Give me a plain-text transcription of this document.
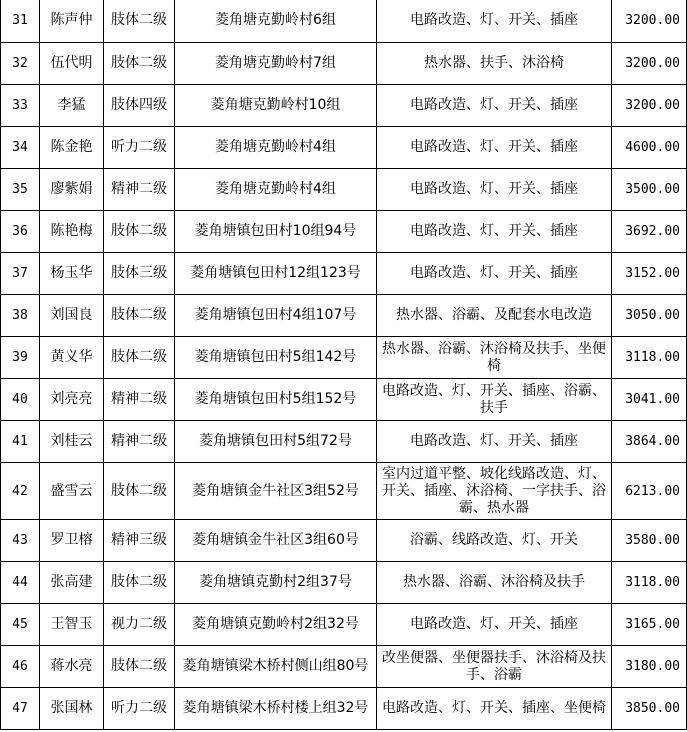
31	陈声仲	肢体二级	菱角塘克勤岭村6组	电路改造、灯、开关、插座	3200.00
32	伍代明	肢体二级	菱角塘克勤岭村7组	热水器、扶手、沐浴椅	3200.00
33	李猛	肢体四级	菱角塘克勤岭村10组	电路改造、灯、开关、插座	3200.00
34	陈金艳	听力二级	菱角塘克勤岭村4组	电路改造、灯、开关、插座	4600.00
35	廖紫娟	精神二级	菱角塘克勤岭村4组	电路改造、灯、开关、插座	3500.00
36	陈艳梅	肢体二级	菱角塘镇包田村10组94号	电路改造、灯、开关、插座	3692.00
37	杨玉华	肢体三级	菱角塘镇包田村12组123号	电路改造、灯、开关、插座	3152.00
38	刘国良	肢体二级	菱角塘镇包田村4组107号	热水器、浴霸、及配套水电改造	3050.00
39	黄义华	肢体二级	菱角塘镇包田村5组142号	热水器、浴霸、沐浴椅及扶手、坐便椅	3118.00
40	刘亮亮	精神二级	菱角塘镇包田村5组152号	电路改造、灯、开关、插座、浴霸、扶手	3041.00
41	刘桂云	精神二级	菱角塘镇包田村5组72号	电路改造、灯、开关、插座	3864.00
42	盛雪云	肢体二级	菱角塘镇金牛社区3组52号	室内过道平整、坡化线路改造、灯、开关、插座、沐浴椅、一字扶手、浴霸、热水器	6213.00
43	罗卫榕	精神三级	菱角塘镇金牛社区3组60号	浴霸、线路改造、灯、开关	3580.00
44	张高建	肢体二级	菱角塘镇克勤村2组37号	热水器、浴霸、沐浴椅及扶手	3118.00
45	王智玉	视力二级	菱角塘镇克勤岭村2组32号	电路改造、灯、开关、插座	3165.00
46	蒋水亮	肢体二级	菱角塘镇梁木桥村侧山组80号	改坐便器、坐便器扶手、沐浴椅及扶手、浴霸	3180.00
47	张国林	听力二级	菱角塘镇梁木桥村楼上组32号	电路改造、灯、开关、插座、坐便椅	3850.00
